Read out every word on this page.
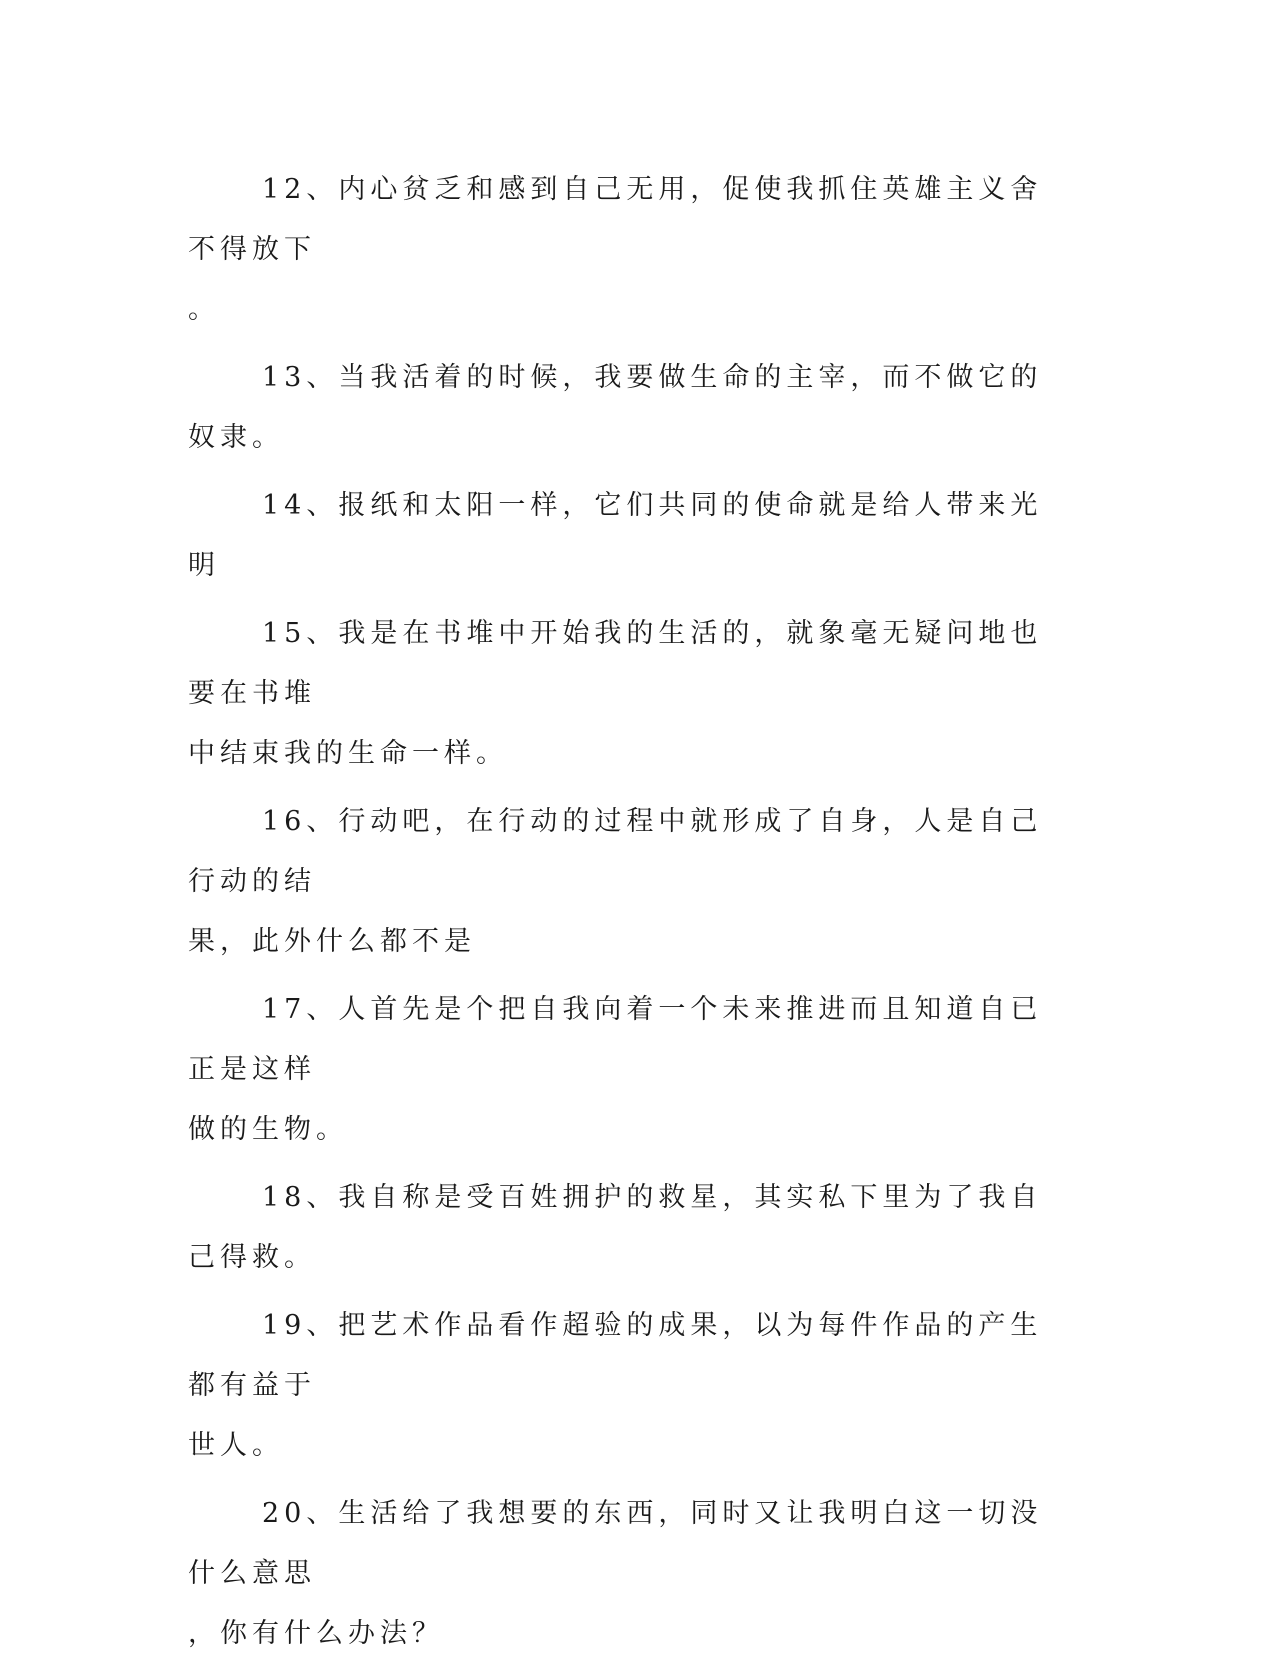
12、内心贫乏和感到自己无用，促使我抓住英雄主义舍不得放下
。

13、当我活着的时候，我要做生命的主宰，而不做它的奴隶。

14、报纸和太阳一样，它们共同的使命就是给人带来光明

15、我是在书堆中开始我的生活的，就象毫无疑问地也要在书堆
中结束我的生命一样。

16、行动吧，在行动的过程中就形成了自身，人是自己行动的结
果，此外什么都不是

17、人首先是个把自我向着一个未来推进而且知道自已正是这样
做的生物。

18、我自称是受百姓拥护的救星，其实私下里为了我自己得救。

19、把艺术作品看作超验的成果，以为每件作品的产生都有益于
世人。

20、生活给了我想要的东西，同时又让我明白这一切没什么意思
，你有什么办法？
